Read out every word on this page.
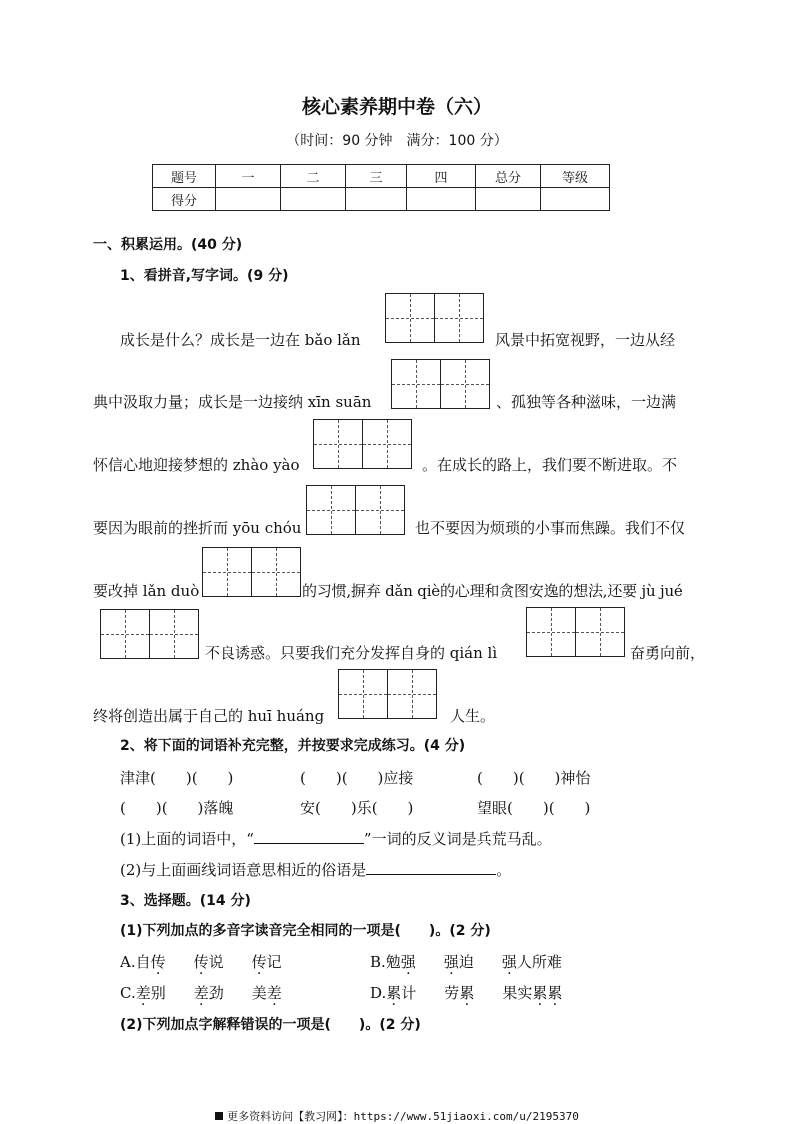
核心素养期中卷（六）
（时间：90 分钟　满分：100 分）
题号	一	二	三	四	总分	等级
得分						
一、积累运用。(40 分)
1、看拼音,写字词。(9 分)
成长是什么？成长是一边在 bǎo lǎn	风景中拓宽视野，一边从经
典中汲取力量；成长是一边接纳 xīn suān	、孤独等各种滋味，一边满
怀信心地迎接梦想的 zhào yào	。在成长的路上，我们要不断进取。不
要因为眼前的挫折而 yōu chóu	也不要因为烦琐的小事而焦躁。我们不仅
要改掉 lǎn duò	的习惯,摒弃 dǎn qiè的心理和贪图安逸的想法,还要 jù jué
不良诱惑。只要我们充分发挥自身的 qián lì	奋勇向前，
终将创造出属于自己的 huī huáng	人生。
2、将下面的词语补充完整，并按要求完成练习。(4 分)
津津(　　)(　　)	(　　)(　　)应接	(　　)(　　)神怡
(　　)(　　)落魄	安(　　)乐(　　)	望眼(　　)(　　)
(1)上面的词语中，“	”一词的反义词是兵荒马乱。
(2)与上面画线词语意思相近的俗语是	。
3、选择题。(14 分)
(1)下列加点的多音字读音完全相同的一项是(　　)。(2 分)
A.自传 传说 传记	B.勉强 强迫 强人所难
C.差别 差劲 美差	D.累计 劳累 果实累累
(2)下列加点字解释错误的一项是(　　)。(2 分)
更多资料访问【教习网】：https://www.51jiaoxi.com/u/2195370
